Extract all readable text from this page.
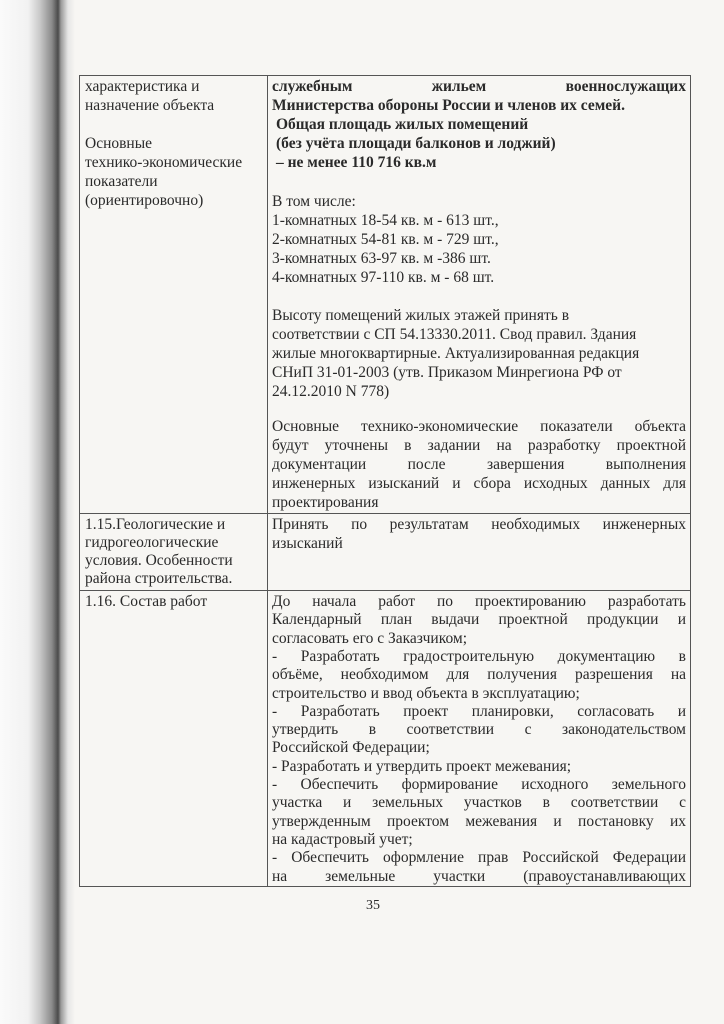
характеристика и
назначение объекта
Основные
технико-экономические
показатели
(ориентировочно)
служебным жильем военнослужащих
Министерства обороны России и членов их семей.
Общая площадь жилых помещений
(без учёта площади балконов и лоджий)
– не менее 110 716 кв.м
В том числе:
1-комнатных 18-54 кв. м - 613 шт.,
2-комнатных 54-81 кв. м - 729 шт.,
3-комнатных 63-97 кв. м -386 шт.
4-комнатных 97-110 кв. м - 68 шт.
Высоту помещений жилых этажей принять в
соответствии с СП 54.13330.2011. Свод правил. Здания
жилые многоквартирные. Актуализированная редакция
СНиП 31-01-2003 (утв. Приказом Минрегиона РФ от
24.12.2010 N 778)
Основные технико-экономические показатели объекта
будут уточнены в задании на разработку проектной
документации после завершения выполнения
инженерных изысканий и сбора исходных данных для
проектирования
1.15.Геологические и
гидрогеологические
условия. Особенности
района строительства.
Принять по результатам необходимых инженерных
изысканий
1.16. Состав работ	До начала работ по проектированию разработать
Календарный план выдачи проектной продукции и
согласовать его с Заказчиком;
- Разработать градостроительную документацию в
объёме, необходимом для получения разрешения на
строительство и ввод объекта в эксплуатацию;
- Разработать проект планировки, согласовать и
утвердить в соответствии с законодательством
Российской Федерации;
- Разработать и утвердить проект межевания;
- Обеспечить формирование исходного земельного
участка и земельных участков в соответствии с
утвержденным проектом межевания и постановку их
на кадастровый учет;
- Обеспечить оформление прав Российской Федерации
на земельные участки (правоустанавливающих
35
